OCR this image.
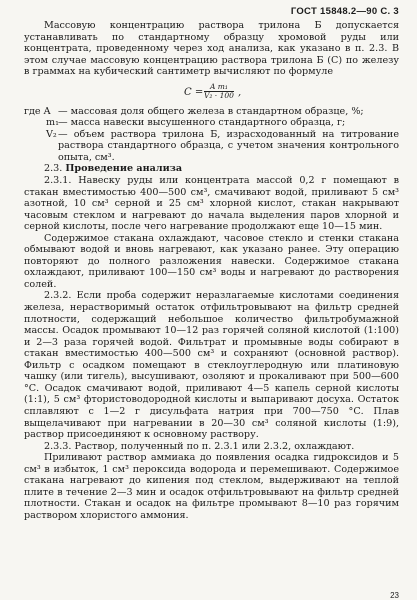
ГОСТ 15848.2—90 С. 3

Массовую концентрацию раствора трилона Б допускается устанавливать по стандартному образцу хромовой руды или концентрата, проведенному через ход анализа, как указано в п. 2.3. В этом случае массовую концентрацию раствора трилона Б (C) по железу в граммах на кубический сантиметр вычисляют по формуле

$C = \frac{\text{A m₁}}{\text{V₂ · 100}}$ ,
где A — массовая доля общего железа в стандартном образце, %;
m₁ — масса навески высушенного стандартного образца, г;
V₂ — объем раствора трилона Б, израсходованный на титрование раствора стандартного образца, с учетом значения контрольного опыта, см³.

2.3. Проведение анализа

2.3.1. Навеску руды или концентрата массой 0,2 г помещают в стакан вместимостью 400—500 см³, смачивают водой, приливают 5 см³ азотной, 10 см³ серной и 25 см³ хлорной кислот, стакан накрывают часовым стеклом и нагревают до начала выделения паров хлорной и серной кислоты, после чего нагревание продолжают еще 10—15 мин.

Содержимое стакана охлаждают, часовое стекло и стенки стакана обмывают водой и вновь нагревают, как указано ранее. Эту операцию повторяют до полного разложения навески. Содержимое стакана охлаждают, приливают 100—150 см³ воды и нагревают до растворения солей.

2.3.2. Если проба содержит неразлагаемые кислотами соединения железа, нерастворимый остаток отфильтровывают на фильтр средней плотности, содержащий небольшое количество фильтробумажной массы. Осадок промывают 10—12 раз горячей соляной кислотой (1:100) и 2—3 раза горячей водой. Фильтрат и промывные воды собирают в стакан вместимостью 400—500 см³ и сохраняют (основной раствор). Фильтр с осадком помещают в стеклоуглеродную или платиновую чашку (или тигель), высушивают, озоляют и прокаливают при 500—600 °С. Осадок смачивают водой, приливают 4—5 капель серной кислоты (1:1), 5 см³ фтористоводородной кислоты и выпаривают досуха. Остаток сплавляют с 1—2 г дисульфата натрия при 700—750 °С. Плав выщелачивают при нагревании в 20—30 см³ соляной кислоты (1:9), раствор присоединяют к основному раствору.

2.3.3. Раствор, полученный по п. 2.3.1 или 2.3.2, охлаждают.

Приливают раствор аммиака до появления осадка гидроксидов и 5 см³ в избыток, 1 см³ пероксида водорода и перемешивают. Содержимое стакана нагревают до кипения под стеклом, выдерживают на теплой плите в течение 2—3 мин и осадок отфильтровывают на фильтр средней плотности. Стакан и осадок на фильтре промывают 8—10 раз горячим раствором хлористого аммония.

23
